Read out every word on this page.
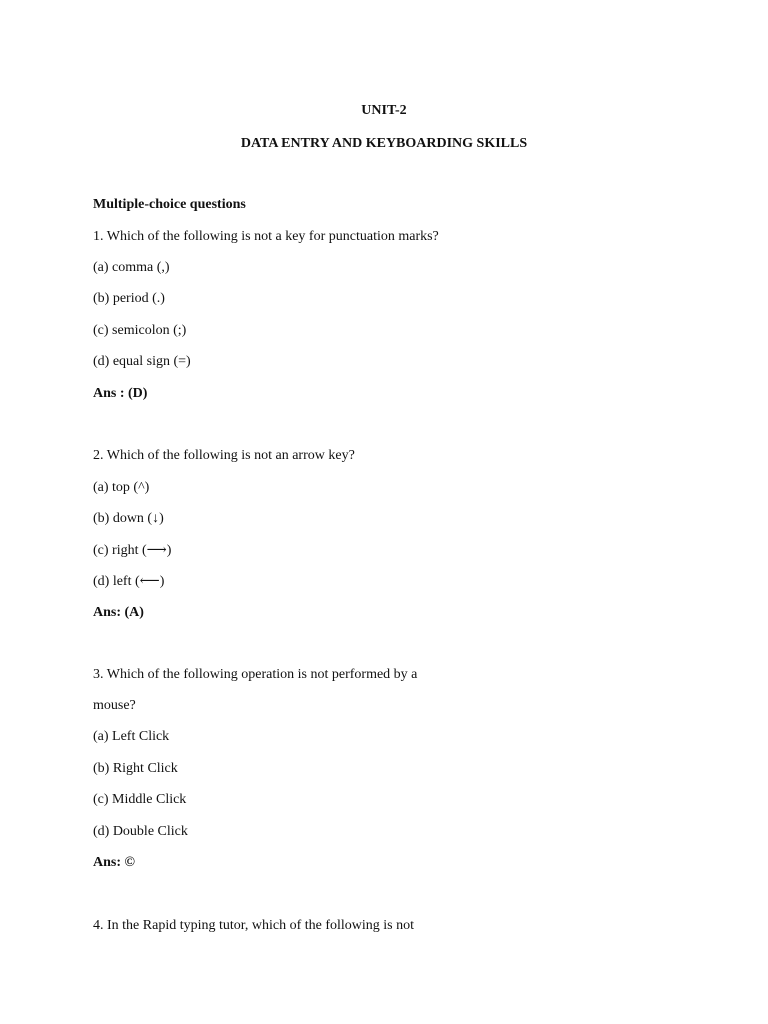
UNIT-2
DATA ENTRY AND KEYBOARDING SKILLS
Multiple-choice questions
1. Which of the following is not a key for punctuation marks?
(a) comma (,)
(b) period (.)
(c) semicolon (;)
(d) equal sign (=)
Ans : (D)
2. Which of the following is not an arrow key?
(a) top (^)
(b) down (↓)
(c) right (⟶)
(d) left (⟵)
Ans: (A)
3. Which of the following operation is not performed by a
mouse?
(a) Left Click
(b) Right Click
(c) Middle Click
(d) Double Click
Ans: ©
4. In the Rapid typing tutor, which of the following is not
